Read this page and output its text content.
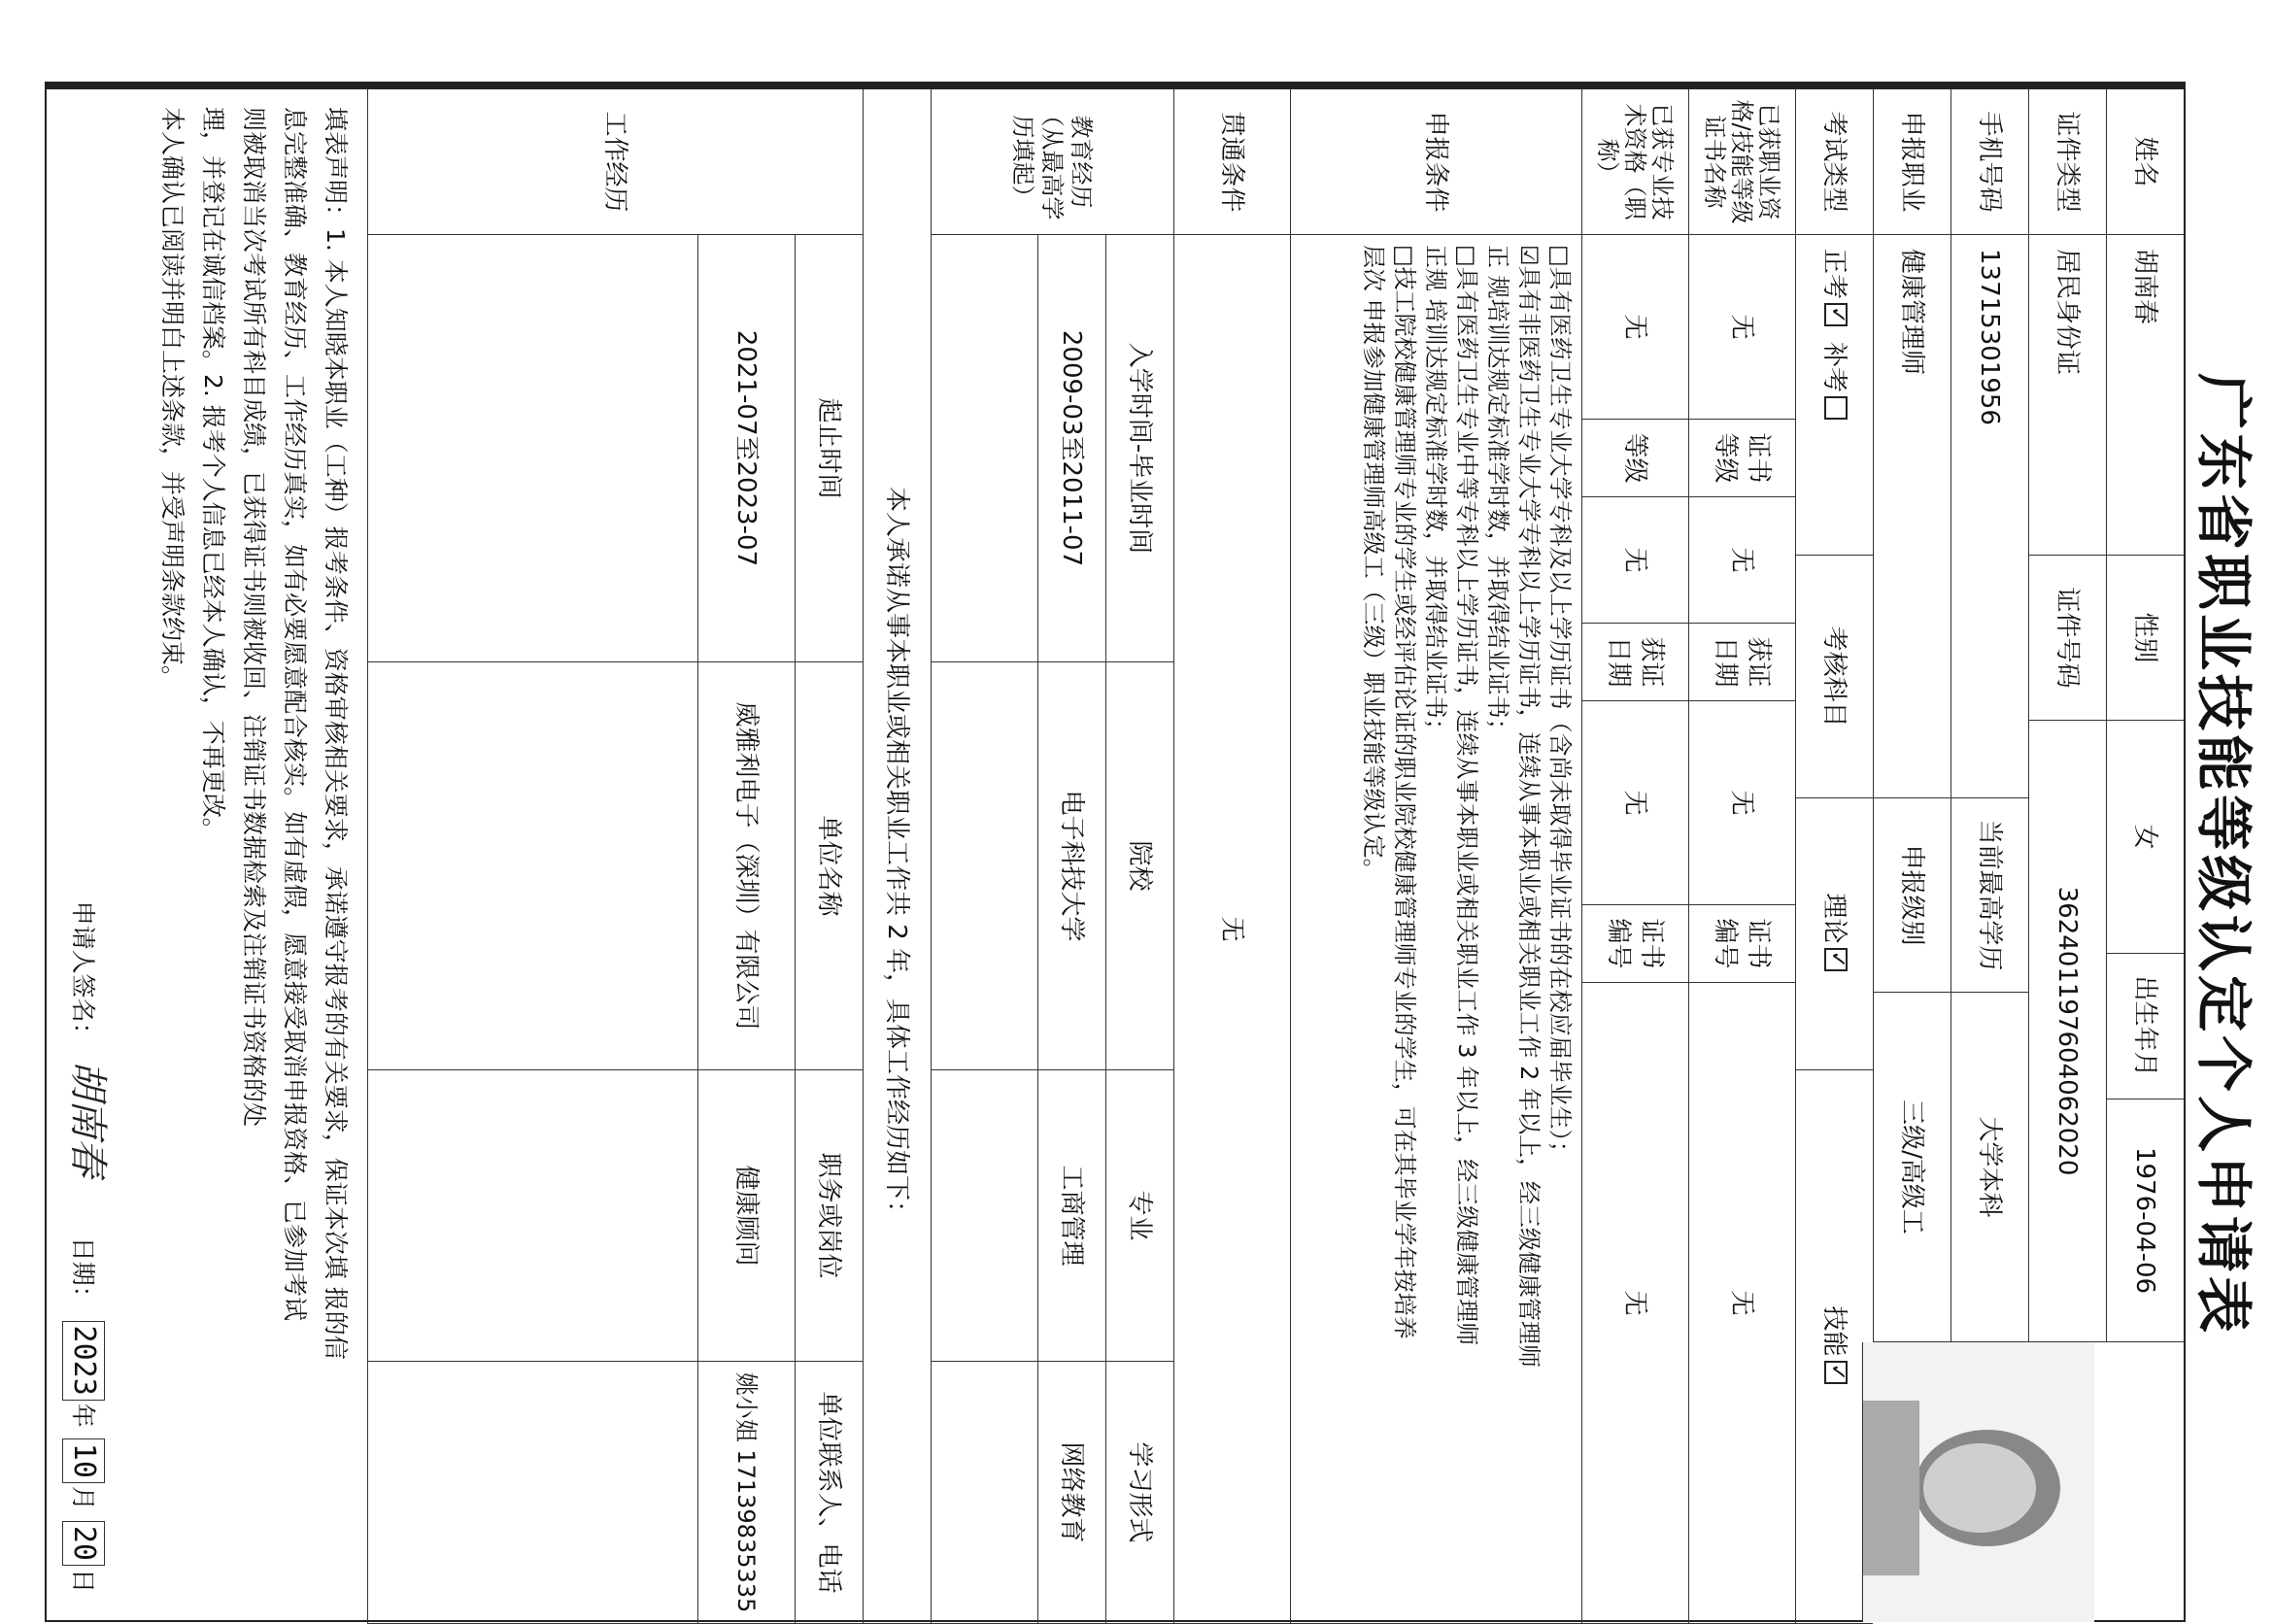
广东省职业技能等级认定个人申请表
姓名
胡南春
性别
女
出生年月
1976-04-06
证件类型
居民身份证
证件号码
362401197604062020
手机号码
13715301956
当前最高学历
大学本科
申报职业
健康管理师
申报级别
三级/高级工
考试类型
正考
✓
补考
考核科目
理论
✓
技能
✓
已获职业资格/技能等级证书名称
无
证书等级
无
获证日期
无
证书编号
无
已获专业技术资格（职称）
无
等级
无
获证日期
无
证书编号
无
申报条件
□具有医药卫生专业大学专科及以上学历证书（含尚未取得毕业证书的在校应届毕业生）；
☑具有非医药卫生专业大学专科以上学历证书，连续从事本职业或相关职业工作 2 年以上，经三级健康管理师
正 规培训达规定标准学时数，并取得结业证书；
□具有医药卫生专业中等专科以上学历证书，连续从事本职业或相关职业工作 3 年以上，经三级健康管理师
正规 培训达规定标准学时数，并取得结业证书；
□技工院校健康管理师专业的学生或经评估论证的职业院校健康管理师专业的学生，可在其毕业学年按培养
层次 申报参加健康管理师高级工（三级）职业技能等级认定。
贯通条件
无
教育经历（从最高学历填起）
入学时间-毕业时间
院校
专业
学习形式
2009-03至2011-07
电子科技大学
工商管理
网络教育
本人承诺从事本职业或相关职业工作共 2 年，具体工作经历如下：
工作经历
起止时间
单位名称
职务或岗位
单位联系人、电话
2021-07至2023-07
威雅利电子（深圳）有限公司
健康顾问
姚小姐 17139835335
填表声明：1. 本人知晓本职业（工种）报考条件、资格审核相关要求，承诺遵守报考的有关要求，保证本次填 报的信
息完整准确、教育经历、工作经历真实，如有必要愿意配合核实。如有虚假，愿意接受取消申报资格、已参加考试
则被取消当次考试所有科目成绩，已获得证书则被收回、注销证书数据检索及注销证书资格的处
理，并登记在诚信档案。2. 报考个人信息已经本人确认，不再更改。
本人确认已阅读并明白上述条款，并受声明条款约束。
申请人签名：胡南春 日期： 2023年 10月 20日
